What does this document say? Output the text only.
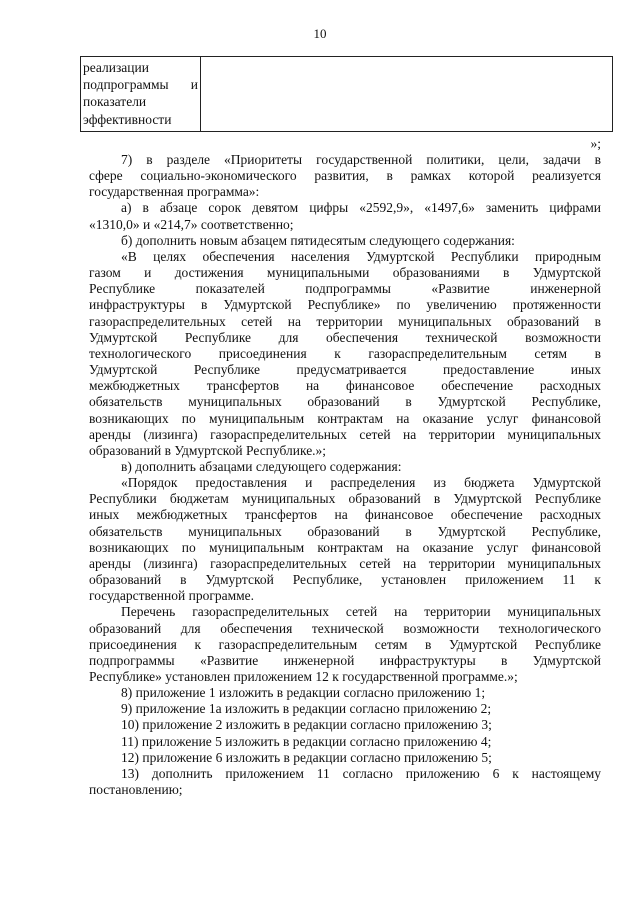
10
реализации
подпрограммы и
показатели
эффективности

»;
7) в разделе «Приоритеты государственной политики, цели, задачи в
сфере социально-экономического развития, в рамках которой реализуется
государственная программа»:
а) в абзаце сорок девятом цифры «2592,9», «1497,6» заменить цифрами
«1310,0» и «214,7» соответственно;
б) дополнить новым абзацем пятидесятым следующего содержания:
«В целях обеспечения населения Удмуртской Республики природным
газом и достижения муниципальными образованиями в Удмуртской
Республике показателей подпрограммы «Развитие инженерной
инфраструктуры в Удмуртской Республике» по увеличению протяженности
газораспределительных сетей на территории муниципальных образований в
Удмуртской Республике для обеспечения технической возможности
технологического присоединения к газораспределительным сетям в
Удмуртской Республике предусматривается предоставление иных
межбюджетных трансфертов на финансовое обеспечение расходных
обязательств муниципальных образований в Удмуртской Республике,
возникающих по муниципальным контрактам на оказание услуг финансовой
аренды (лизинга) газораспределительных сетей на территории муниципальных
образований в Удмуртской Республике.»;
в) дополнить абзацами следующего содержания:
«Порядок предоставления и распределения из бюджета Удмуртской
Республики бюджетам муниципальных образований в Удмуртской Республике
иных межбюджетных трансфертов на финансовое обеспечение расходных
обязательств муниципальных образований в Удмуртской Республике,
возникающих по муниципальным контрактам на оказание услуг финансовой
аренды (лизинга) газораспределительных сетей на территории муниципальных
образований в Удмуртской Республике, установлен приложением 11 к
государственной программе.
Перечень газораспределительных сетей на территории муниципальных
образований для обеспечения технической возможности технологического
присоединения к газораспределительным сетям в Удмуртской Республике
подпрограммы «Развитие инженерной инфраструктуры в Удмуртской
Республике» установлен приложением 12 к государственной программе.»;
8) приложение 1 изложить в редакции согласно приложению 1;
9) приложение 1а изложить в редакции согласно приложению 2;
10) приложение 2 изложить в редакции согласно приложению 3;
11) приложение 5 изложить в редакции согласно приложению 4;
12) приложение 6 изложить в редакции согласно приложению 5;
13) дополнить приложением 11 согласно приложению 6 к настоящему
постановлению;
